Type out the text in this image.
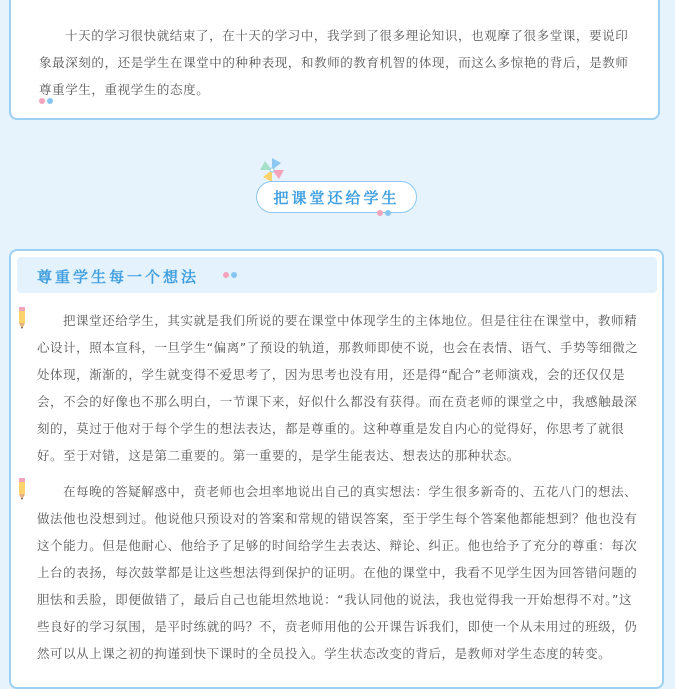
十天的学习很快就结束了，在十天的学习中，我学到了很多理论知识，也观摩了很多堂课，要说印象最深刻的，还是学生在课堂中的种种表现，和教师的教育机智的体现，而这么多惊艳的背后，是教师尊重学生，重视学生的态度。

把课堂还给学生
尊重学生每一个想法

把课堂还给学生，其实就是我们所说的要在课堂中体现学生的主体地位。但是往往在课堂中，教师精心设计，照本宣科，一旦学生“偏离”了预设的轨道，那教师即使不说，也会在表情、语气、手势等细微之处体现，渐渐的，学生就变得不爱思考了，因为思考也没有用，还是得“配合”老师演戏，会的还仅仅是会，不会的好像也不那么明白，一节课下来，好似什么都没有获得。而在贲老师的课堂之中，我感触最深刻的，莫过于他对于每个学生的想法表达，都是尊重的。这种尊重是发自内心的觉得好，你思考了就很好。至于对错，这是第二重要的。第一重要的，是学生能表达、想表达的那种状态。

在每晚的答疑解惑中，贲老师也会坦率地说出自己的真实想法：学生很多新奇的、五花八门的想法、做法他也没想到过。他说他只预设对的答案和常规的错误答案，至于学生每个答案他都能想到？他也没有这个能力。但是他耐心、他给予了足够的时间给学生去表达、辩论、纠正。他也给予了充分的尊重：每次上台的表扬，每次鼓掌都是让这些想法得到保护的证明。在他的课堂中，我看不见学生因为回答错问题的胆怯和丢脸，即便做错了，最后自己也能坦然地说：“我认同他的说法，我也觉得我一开始想得不对。”这些良好的学习氛围，是平时练就的吗？不，贲老师用他的公开课告诉我们，即使一个从未用过的班级，仍然可以从上课之初的拘谨到快下课时的全员投入。学生状态改变的背后，是教师对学生态度的转变。
